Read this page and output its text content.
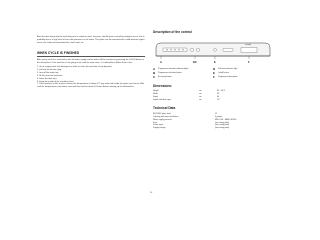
Both the door lining and the tank lining are in stainless steel; however, should spots caused by oxidation occur, this is probably due to a high level of iron salts presence in the water. The spots can be removed with a mild abrasive agent; never use chlorine based materials, steel wool, etc.

WHEN CYCLE IS FINISHED

After every wash it is essential to turn off water supply and to switch off the machine by pressing the On/Off button to the off position. If the machine is not going to be used for some time, it is advisable to follow these rules:

1. do an empty wash with detergent in order to clean the machine of any deposits.
2. pull out the electric plug.
3. turn off the water tap.
4. fill the rinse-aid container.
5. leave the door ajar.
6. Keep the inside of the machine clean.
7. If the machine is left in places where the temperature is below 0°C any water left inside the pipes may freeze. Wait until the temperature rises above zero and then wait for about 24 hours before starting up the dishwasher.
Description of the control
candy
A	BC	E	F
A	Programme selection indicator lights	D	Salt level indicator light
B	Programme selection button	E	On/off button
C	Economy button	F	Programme description
Dimensions:
Height	cm	85 ÷ 86,5
Width	cm	45
Depth	cm	60
Depth with door open	cm	117
Technical Data
EN 50242 place load	11
Capacity with pans and dishes	9 people
Water supply pressure	MIN. 0.08 - MAX 0.8 MPa
Fuse	(see rating plate)
Power input	(see rating plate)
Supply voltage	(see rating plate)
16
